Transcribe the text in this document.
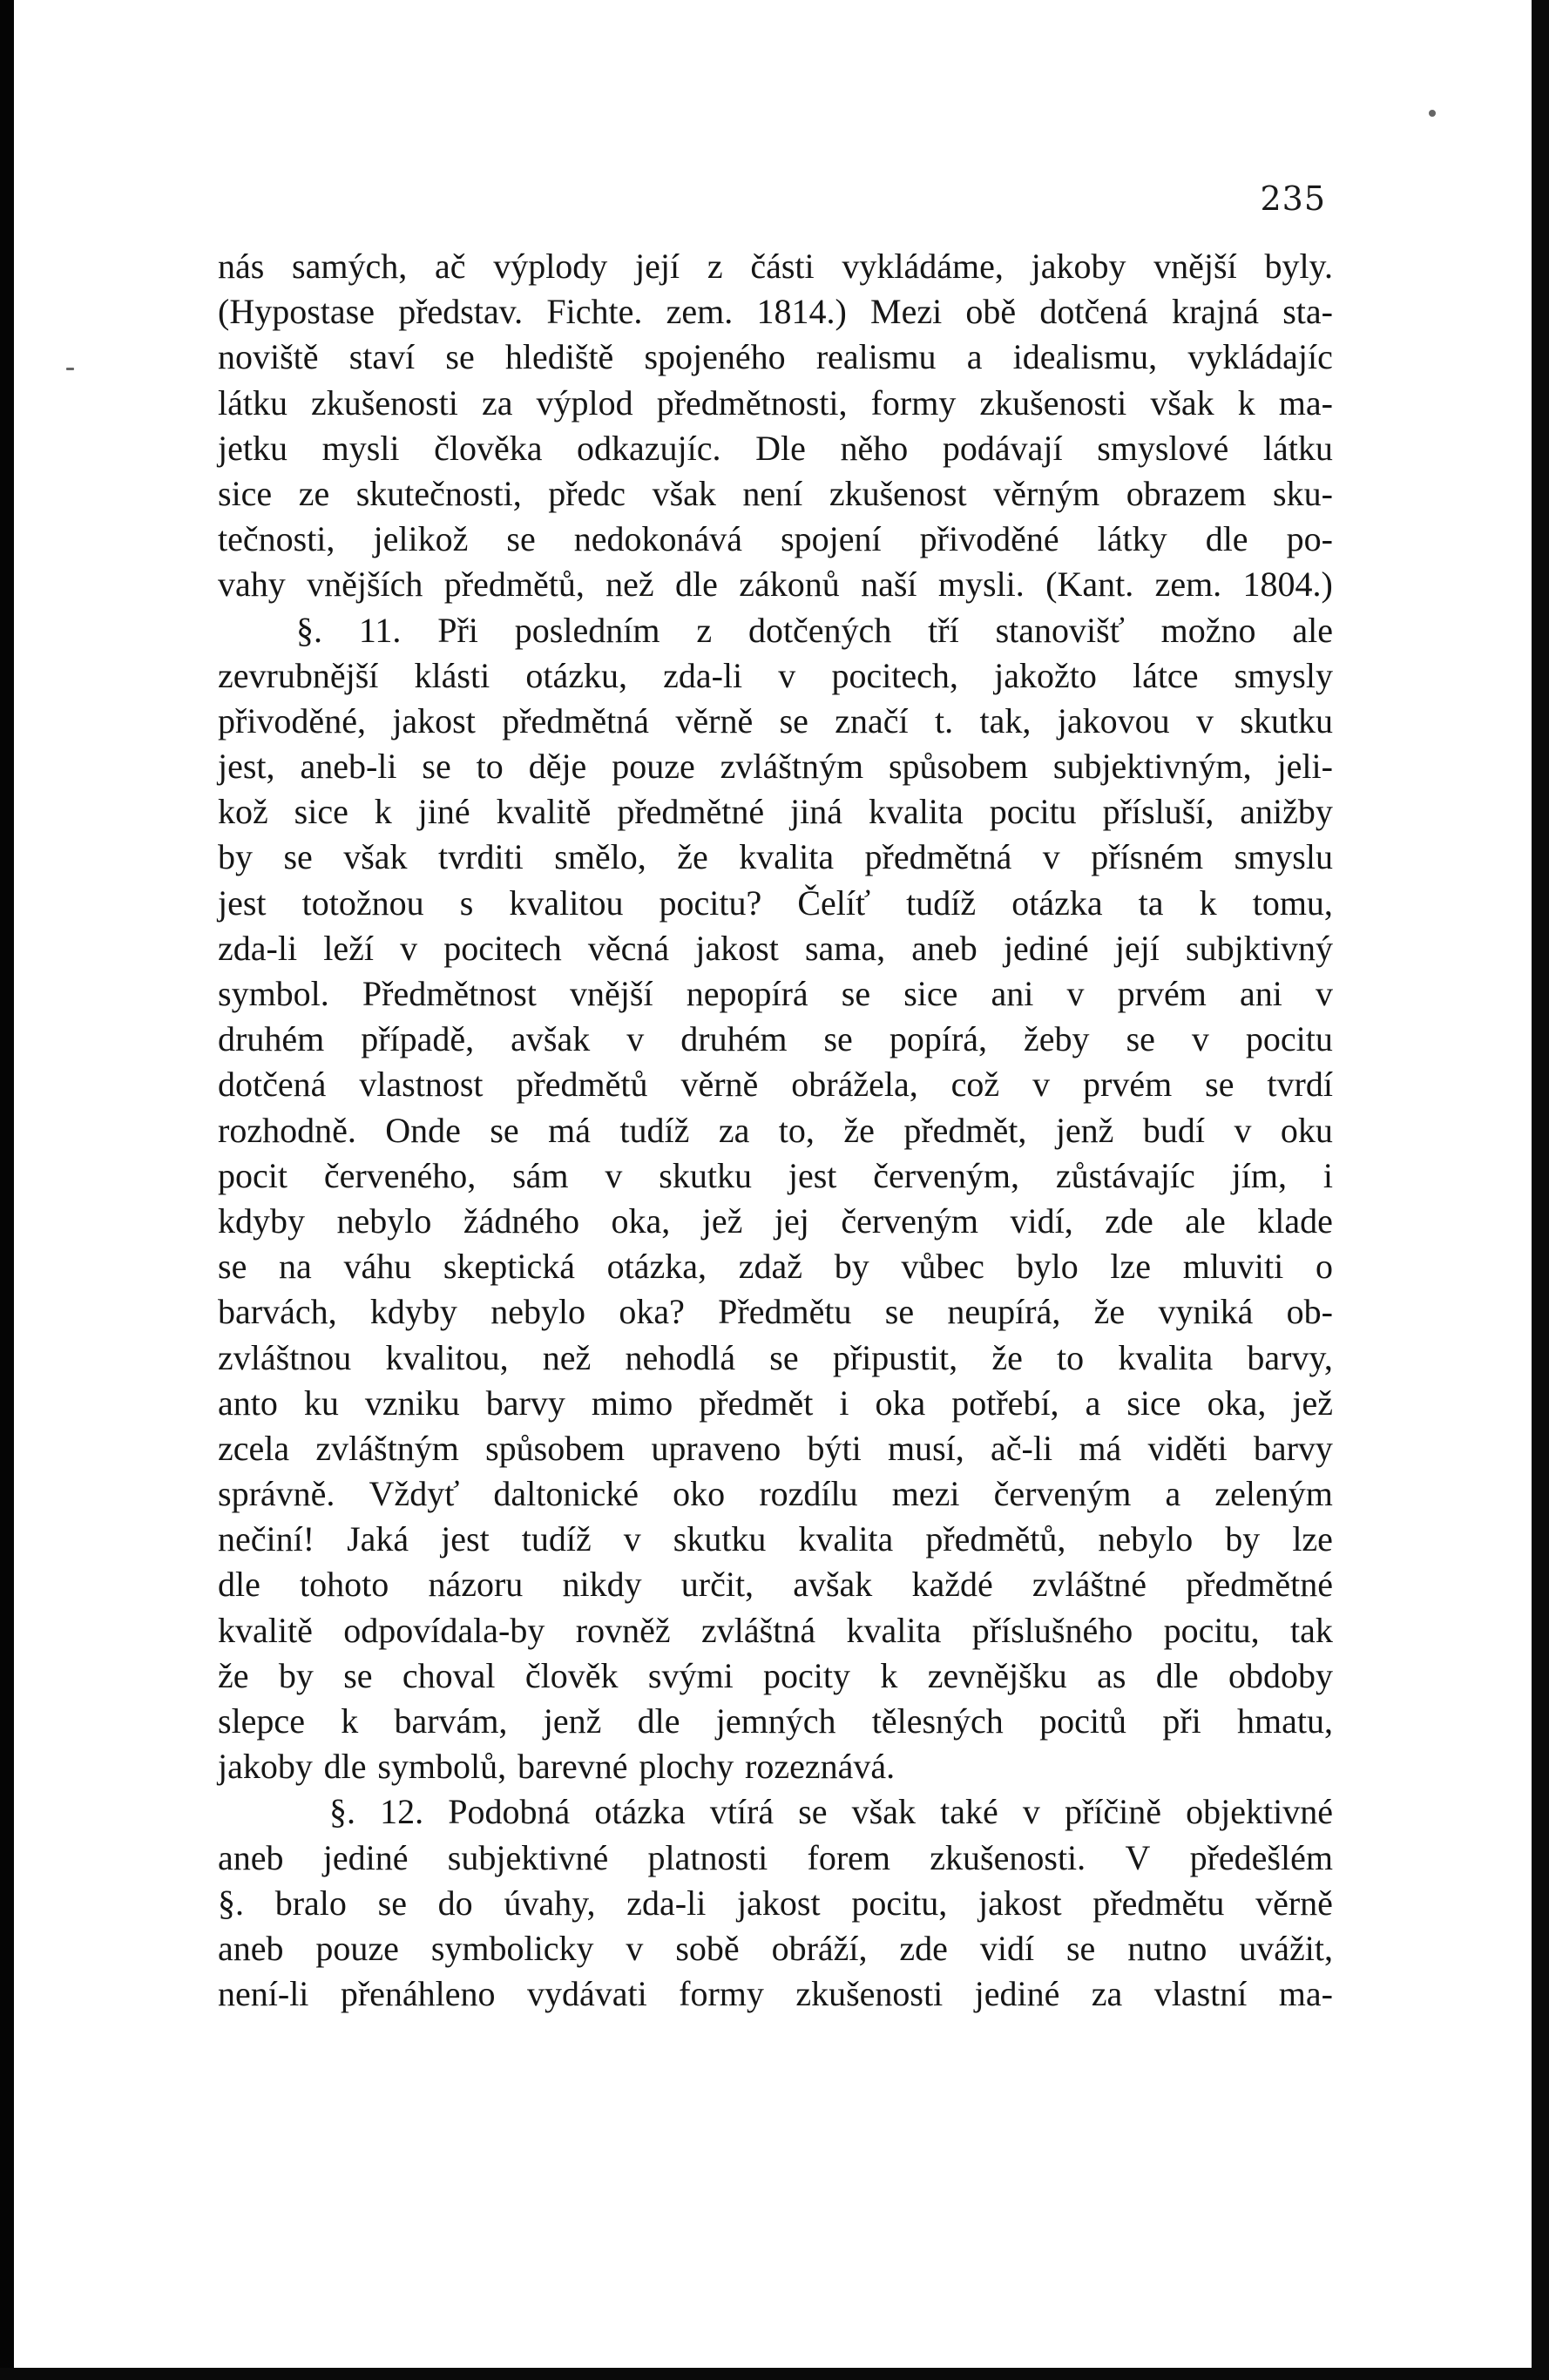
235
nás samých, ač výplody její z části vykládáme, jakoby vnější byly.
(Hypostase představ. Fichte. zem. 1814.) Mezi obě dotčená krajná sta-
noviště staví se hlediště spojeného realismu a idealismu, vykládajíc
látku zkušenosti za výplod předmětnosti, formy zkušenosti však k ma-
jetku mysli člověka odkazujíc. Dle něho podávají smyslové látku
sice ze skutečnosti, předc však není zkušenost věrným obrazem sku-
tečnosti, jelikož se nedokonává spojení přivoděné látky dle po-
vahy vnějších předmětů, než dle zákonů naší mysli. (Kant. zem. 1804.)
§. 11. Při posledním z dotčených tří stanovišť možno ale
zevrubnější klásti otázku, zda-li v pocitech, jakožto látce smysly
přivoděné, jakost předmětná věrně se značí t. tak, jakovou v skutku
jest, aneb-li se to děje pouze zvláštným spůsobem subjektivným, jeli-
kož sice k jiné kvalitě předmětné jiná kvalita pocitu přísluší, anižby
by se však tvrditi smělo, že kvalita předmětná v přísném smyslu
jest totožnou s kvalitou pocitu? Čelíť tudíž otázka ta k tomu,
zda-li leží v pocitech věcná jakost sama, aneb jediné její subjktivný
symbol. Předmětnost vnější nepopírá se sice ani v prvém ani v
druhém případě, avšak v druhém se popírá, žeby se v pocitu
dotčená vlastnost předmětů věrně obrážela, což v prvém se tvrdí
rozhodně. Onde se má tudíž za to, že předmět, jenž budí v oku
pocit červeného, sám v skutku jest červeným, zůstávajíc jím, i
kdyby nebylo žádného oka, jež jej červeným vidí, zde ale klade
se na váhu skeptická otázka, zdaž by vůbec bylo lze mluviti o
barvách, kdyby nebylo oka? Předmětu se neupírá, že vyniká ob-
zvláštnou kvalitou, než nehodlá se připustit, že to kvalita barvy,
anto ku vzniku barvy mimo předmět i oka potřebí, a sice oka, jež
zcela zvláštným spůsobem upraveno býti musí, ač-li má viděti barvy
správně. Vždyť daltonické oko rozdílu mezi červeným a zeleným
nečiní! Jaká jest tudíž v skutku kvalita předmětů, nebylo by lze
dle tohoto názoru nikdy určit, avšak každé zvláštné předmětné
kvalitě odpovídala-by rovněž zvláštná kvalita příslušného pocitu, tak
že by se choval člověk svými pocity k zevnějšku as dle obdoby
slepce k barvám, jenž dle jemných tělesných pocitů při hmatu,
jakoby dle symbolů, barevné plochy rozeznává.
§. 12. Podobná otázka vtírá se však také v příčině objektivné
aneb jediné subjektivné platnosti forem zkušenosti. V předešlém
§. bralo se do úvahy, zda-li jakost pocitu, jakost předmětu věrně
aneb pouze symbolicky v sobě obráží, zde vidí se nutno uvážit,
není-li přenáhleno vydávati formy zkušenosti jediné za vlastní ma-
